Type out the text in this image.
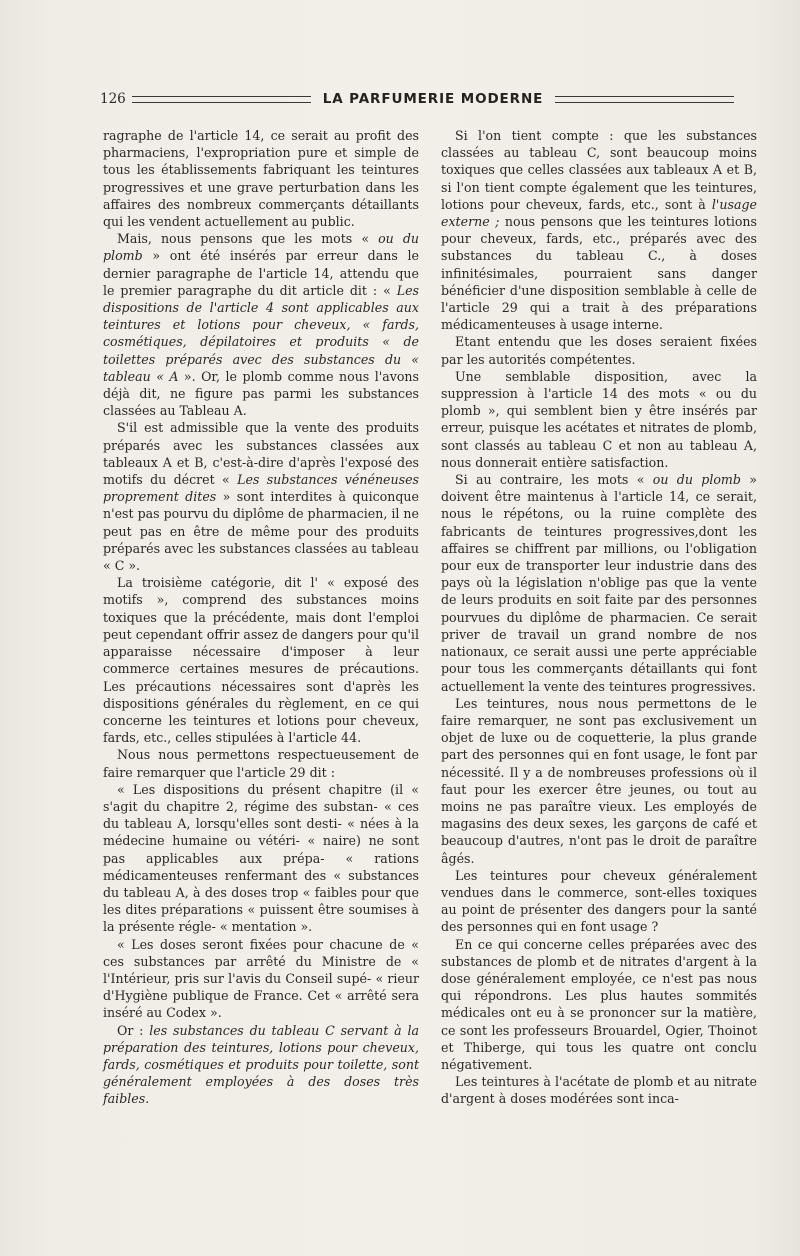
126	LA PARFUMERIE MODERNE

ragraphe de l'article 14, ce serait au profit des pharmaciens, l'expropriation pure et simple de tous les établissements fabriquant les teintures progressives et une grave perturbation dans les affaires des nombreux commerçants détaillants qui les vendent actuellement au public.

Mais, nous pensons que les mots « ou du plomb » ont été insérés par erreur dans le dernier paragraphe de l'article 14, attendu que le premier paragraphe du dit article dit : « Les dispositions de l'article 4 sont applicables aux teintures et lotions pour cheveux, « fards, cosmétiques, dépilatoires et produits « de toilettes préparés avec des substances du « tableau « A ». Or, le plomb comme nous l'avons déjà dit, ne figure pas parmi les substances classées au Tableau A.

S'il est admissible que la vente des produits préparés avec les substances classées aux tableaux A et B, c'est-à-dire d'après l'exposé des motifs du décret « Les substances vénéneuses proprement dites » sont interdites à quiconque n'est pas pourvu du diplôme de pharmacien, il ne peut pas en être de même pour des produits préparés avec les substances classées au tableau « C ».

La troisième catégorie, dit l' « exposé des motifs », comprend des substances moins toxiques que la précédente, mais dont l'emploi peut cependant offrir assez de dangers pour qu'il apparaisse nécessaire d'imposer à leur commerce certaines mesures de précautions. Les précautions nécessaires sont d'après les dispositions générales du règlement, en ce qui concerne les teintures et lotions pour cheveux, fards, etc., celles stipulées à l'article 44.

Nous nous permettons respectueusement de faire remarquer que l'article 29 dit :

« Les dispositions du présent chapitre (il « s'agit du chapitre 2, régime des substan- « ces du tableau A, lorsqu'elles sont desti- « nées à la médecine humaine ou vétéri- « naire) ne sont pas applicables aux prépa- « rations médicamenteuses renfermant des « substances du tableau A, à des doses trop « faibles pour que les dites préparations « puissent être soumises à la présente régle- « mentation ».

« Les doses seront fixées pour chacune de « ces substances par arrêté du Ministre de « l'Intérieur, pris sur l'avis du Conseil supé- « rieur d'Hygiène publique de France. Cet « arrêté sera inséré au Codex ».

Or : les substances du tableau C servant à la préparation des teintures, lotions pour cheveux, fards, cosmétiques et produits pour toilette, sont généralement employées à des doses très faibles.

Si l'on tient compte : que les substances classées au tableau C, sont beaucoup moins toxiques que celles classées aux tableaux A et B, si l'on tient compte également que les teintures, lotions pour cheveux, fards, etc., sont à l'usage externe ; nous pensons que les teintures lotions pour cheveux, fards, etc., préparés avec des substances du tableau C., à doses infinitésimales, pourraient sans danger bénéficier d'une disposition semblable à celle de l'article 29 qui a trait à des préparations médicamenteuses à usage interne.

Etant entendu que les doses seraient fixées par les autorités compétentes.

Une semblable disposition, avec la suppression à l'article 14 des mots « ou du plomb », qui semblent bien y être insérés par erreur, puisque les acétates et nitrates de plomb, sont classés au tableau C et non au tableau A, nous donnerait entière satisfaction.

Si au contraire, les mots « ou du plomb » doivent être maintenus à l'article 14, ce serait, nous le répétons, ou la ruine complète des fabricants de teintures progressives,dont les affaires se chiffrent par millions, ou l'obligation pour eux de transporter leur industrie dans des pays où la législation n'oblige pas que la vente de leurs produits en soit faite par des personnes pourvues du diplôme de pharmacien. Ce serait priver de travail un grand nombre de nos nationaux, ce serait aussi une perte appréciable pour tous les commerçants détaillants qui font actuellement la vente des teintures progressives.

Les teintures, nous nous permettons de le faire remarquer, ne sont pas exclusivement un objet de luxe ou de coquetterie, la plus grande part des personnes qui en font usage, le font par nécessité. Il y a de nombreuses professions où il faut pour les exercer être jeunes, ou tout au moins ne pas paraître vieux. Les employés de magasins des deux sexes, les garçons de café et beaucoup d'autres, n'ont pas le droit de paraître âgés.

Les teintures pour cheveux généralement vendues dans le commerce, sont-elles toxiques au point de présenter des dangers pour la santé des personnes qui en font usage ?

En ce qui concerne celles préparées avec des substances de plomb et de nitrates d'argent à la dose généralement employée, ce n'est pas nous qui répondrons. Les plus hautes sommités médicales ont eu à se prononcer sur la matière, ce sont les professeurs Brouardel, Ogier, Thoinot et Thiberge, qui tous les quatre ont conclu négativement.

Les teintures à l'acétate de plomb et au nitrate d'argent à doses modérées sont inca-
